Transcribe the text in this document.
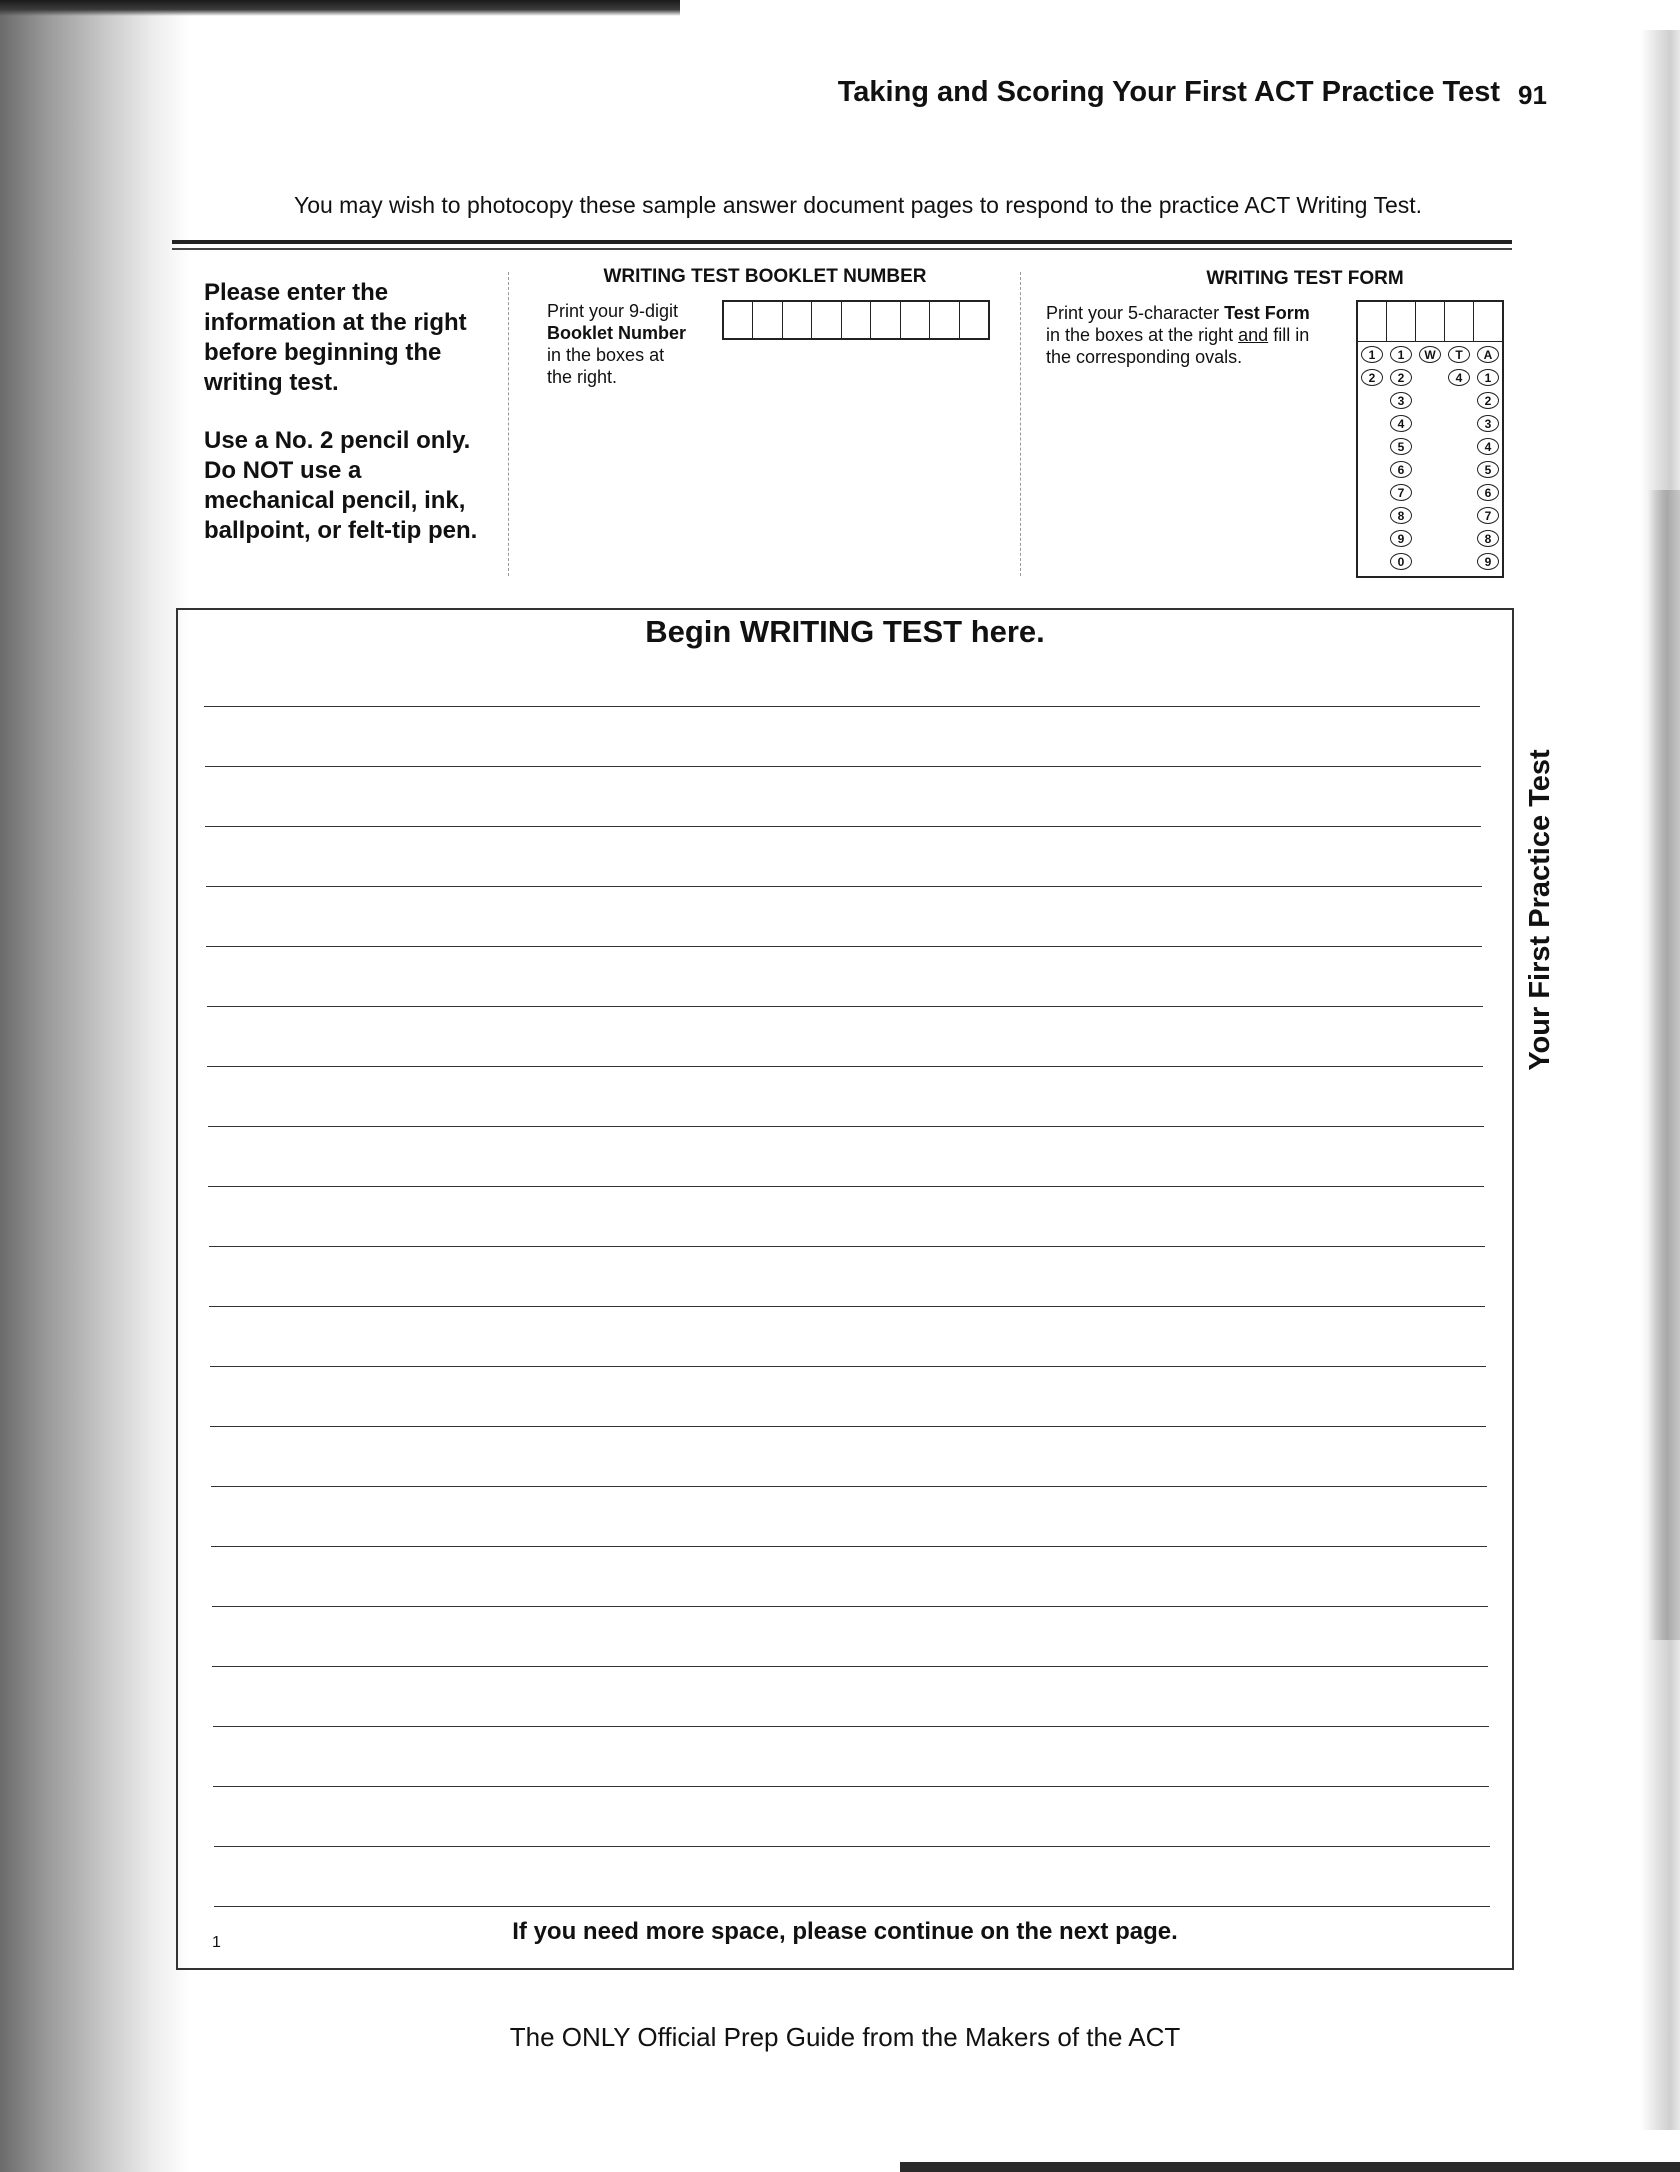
Taking and Scoring Your First ACT Practice Test 91
You may wish to photocopy these sample answer document pages to respond to the practice ACT Writing Test.

Please enter the information at the right before beginning the writing test.

Use a No. 2 pencil only. Do NOT use a mechanical pencil, ink, ballpoint, or felt-tip pen.

WRITING TEST BOOKLET NUMBER
Print your 9-digit
Booklet Number
in the boxes at
the right.
WRITING TEST FORM
Print your 5-character Test Form
in the boxes at the right and fill in
the corresponding ovals.	1
2
1
2
3
4
5
6
7
8
9
0
W	T
4
A
1
2
3
4
5
6
7
8
9
Begin WRITING TEST here.
If you need more space, please continue on the next page.
1
The ONLY Official Prep Guide from the Makers of the ACT
Your First Practice Test
